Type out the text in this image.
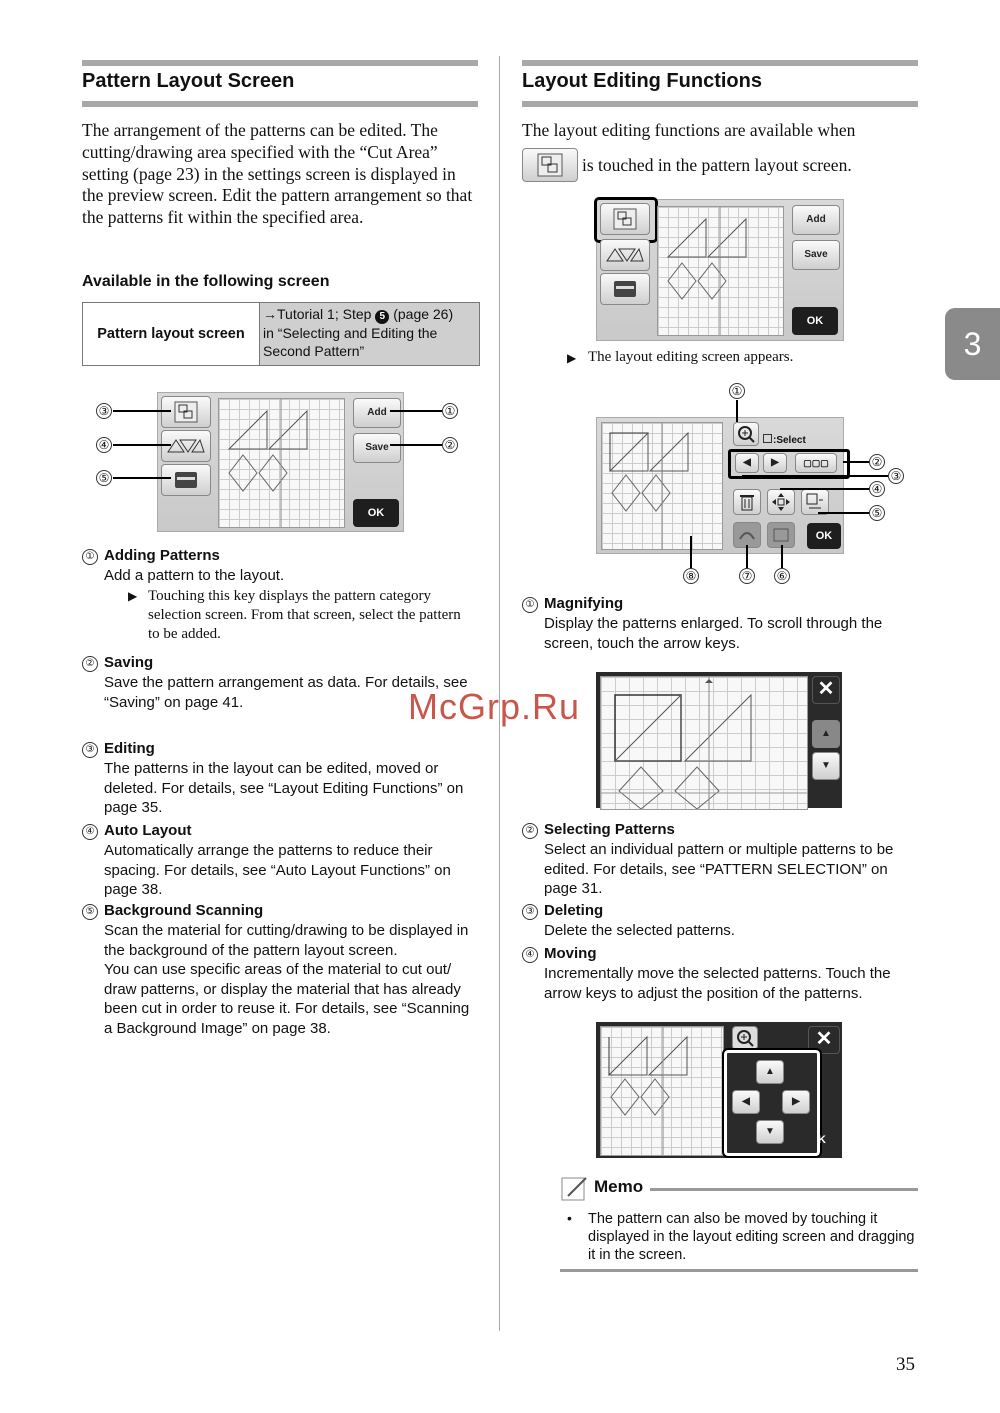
Pattern Layout Screen
The arrangement of the patterns can be edited. The cutting/drawing area specified with the “Cut Area” setting (page 23) in the settings screen is displayed in the preview screen. Edit the pattern arrangement so that the patterns fit within the specified area.
Available in the following screen
Pattern layout screen
→Tutorial 1; Step 5 (page 26)
in “Selecting and Editing the
Second Pattern”
Add
Save
OK
③
④
⑤
①
②
① Adding Patterns
Add a pattern to the layout.
▶ Touching this key displays the pattern category selection screen. From that screen, select the pattern to be added.
② Saving
Save the pattern arrangement as data. For details, see “Saving” on page 41.
③ Editing
The patterns in the layout can be edited, moved or deleted. For details, see “Layout Editing Functions” on page 35.
④ Auto Layout
Automatically arrange the patterns to reduce their spacing. For details, see “Auto Layout Functions” on page 38.
⑤ Background Scanning
Scan the material for cutting/drawing to be displayed in the background of the pattern layout screen.
You can use specific areas of the material to cut out/ draw patterns, or display the material that has already been cut in order to reuse it. For details, see “Scanning a Background Image” on page 38.
Layout Editing Functions
The layout editing functions are available when
is touched in the pattern layout screen.
Add
Save
OK
▶ The layout editing screen appears.
:Select
◀	▶	▢▢▢
OK
①
②
③
④
⑤
⑥
⑦
⑧
① Magnifying
Display the patterns enlarged. To scroll through the screen, touch the arrow keys.
✕
▲
▼
McGrp.Ru
② Selecting Patterns
Select an individual pattern or multiple patterns to be edited. For details, see “PATTERN SELECTION” on page 31.
③ Deleting
Delete the selected patterns.
④ Moving
Incrementally move the selected patterns. Touch the arrow keys to adjust the position of the patterns.
✕
▲
◀	▶
▼
K
Memo
• The pattern can also be moved by touching it displayed in the layout editing screen and dragging it in the screen.
3
35
